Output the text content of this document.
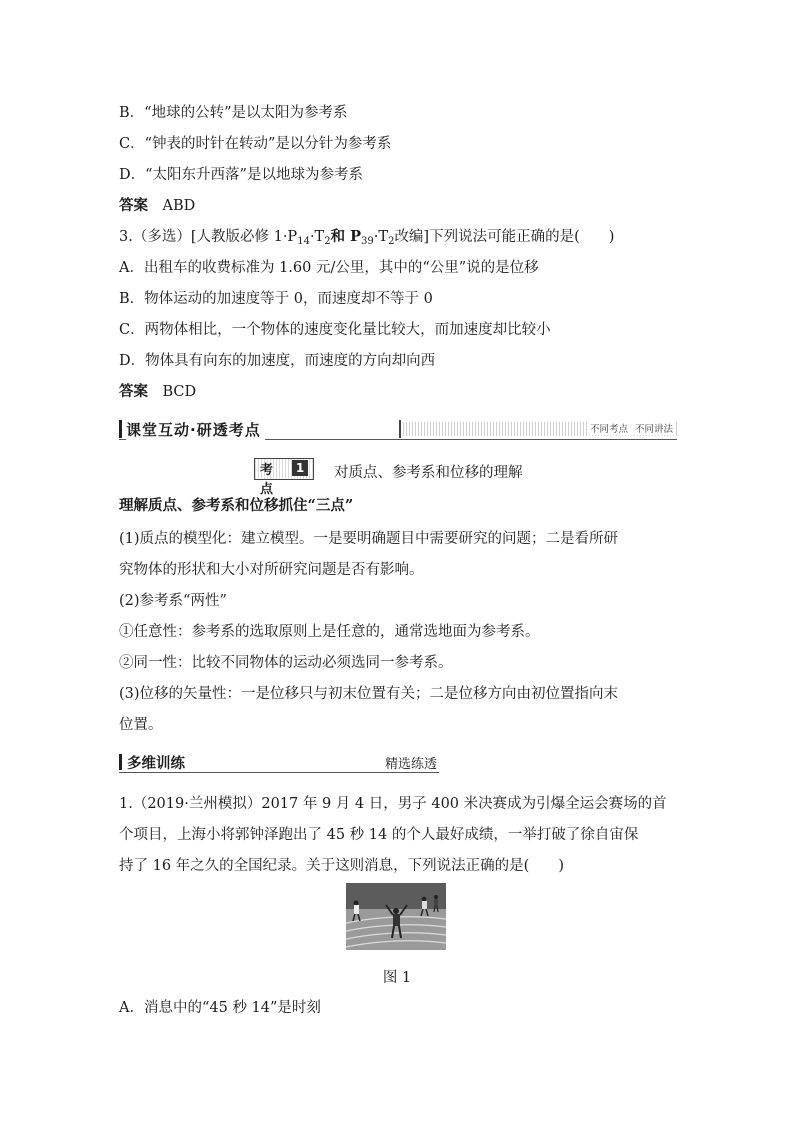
B．“地球的公转”是以太阳为参考系
C．“钟表的时针在转动”是以分针为参考系
D．“太阳东升西落”是以地球为参考系
答案  ABD
3.（多选）[人教版必修 $1\cdot P_{14}\cdot T_2$和 $P_{39}\cdot T_2$改编]下列说法可能正确的是(　　)
A．出租车的收费标准为 1.60 元/公里，其中的“公里”说的是位移
B．物体运动的加速度等于 0，而速度却不等于 0
C．两物体相比，一个物体的速度变化量比较大，而加速度却比较小
D．物体具有向东的加速度，而速度的方向却向西
答案  BCD
课堂互动·研透考点	不同考点 不同讲法
考点
1 对质点、参考系和位移的理解
理解质点、参考系和位移抓住“三点”
(1)质点的模型化：建立模型。一是要明确题目中需要研究的问题；二是看所研
究物体的形状和大小对所研究问题是否有影响。
(2)参考系“两性”
①任意性：参考系的选取原则上是任意的，通常选地面为参考系。
②同一性：比较不同物体的运动必须选同一参考系。
(3)位移的矢量性：一是位移只与初末位置有关；二是位移方向由初位置指向末
位置。
多维训练	精选练透
1.（2019·兰州模拟）2017 年 9 月 4 日，男子 400 米决赛成为引爆全运会赛场的首
个项目，上海小将郭钟泽跑出了 45 秒 14 的个人最好成绩，一举打破了徐自宙保
持了 16 年之久的全国纪录。关于这则消息，下列说法正确的是(　　)
图 1
A．消息中的“45 秒 14”是时刻
